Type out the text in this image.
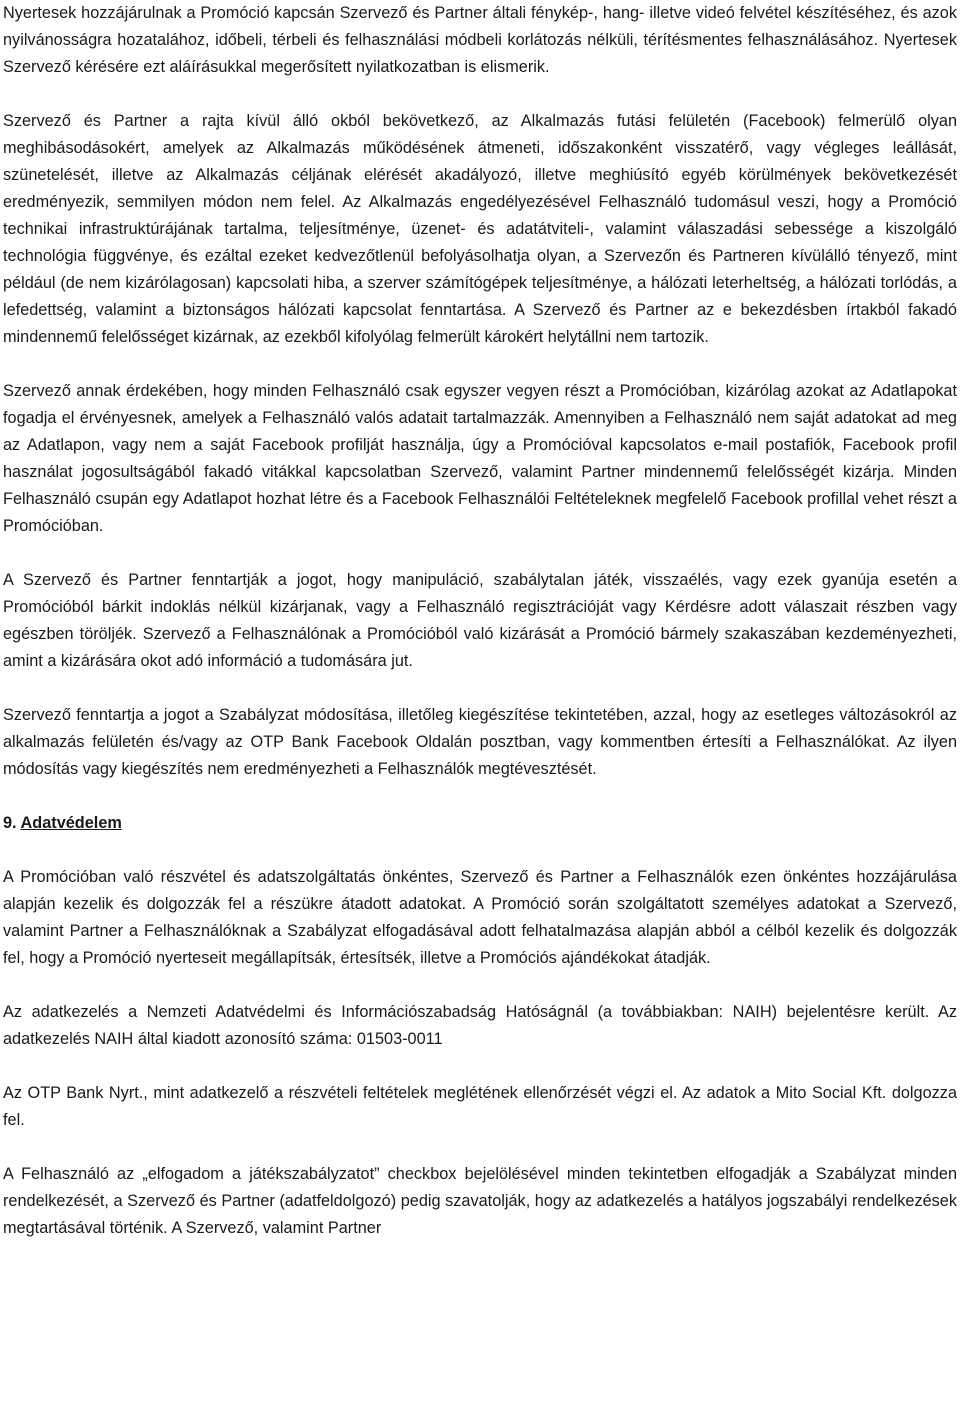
Nyertesek hozzájárulnak a Promóció kapcsán Szervező és Partner általi fénykép-, hang- illetve videó felvétel készítéséhez, és azok nyilvánosságra hozatalához, időbeli, térbeli és felhasználási módbeli korlátozás nélküli, térítésmentes felhasználásához. Nyertesek Szervező kérésére ezt aláírásukkal megerősített nyilatkozatban is elismerik.

Szervező és Partner a rajta kívül álló okból bekövetkező, az Alkalmazás futási felületén (Facebook) felmerülő olyan meghibásodásokért, amelyek az Alkalmazás működésének átmeneti, időszakonként visszatérő, vagy végleges leállását, szünetelését, illetve az Alkalmazás céljának elérését akadályozó, illetve meghiúsító egyéb körülmények bekövetkezését eredményezik, semmilyen módon nem felel. Az Alkalmazás engedélyezésével Felhasználó tudomásul veszi, hogy a Promóció technikai infrastruktúrájának tartalma, teljesítménye, üzenet- és adatátviteli-, valamint válaszadási sebessége a kiszolgáló technológia függvénye, és ezáltal ezeket kedvezőtlenül befolyásolhatja olyan, a Szervezőn és Partneren kívülálló tényező, mint például (de nem kizárólagosan) kapcsolati hiba, a szerver számítógépek teljesítménye, a hálózati leterheltség, a hálózati torlódás, a lefedettség, valamint a biztonságos hálózati kapcsolat fenntartása. A Szervező és Partner az e bekezdésben írtakból fakadó mindennemű felelősséget kizárnak, az ezekből kifolyólag felmerült károkért helytállni nem tartozik.

Szervező annak érdekében, hogy minden Felhasználó csak egyszer vegyen részt a Promócióban, kizárólag azokat az Adatlapokat fogadja el érvényesnek, amelyek a Felhasználó valós adatait tartalmazzák. Amennyiben a Felhasználó nem saját adatokat ad meg az Adatlapon, vagy nem a saját Facebook profilját használja, úgy a Promócióval kapcsolatos e-mail postafiók, Facebook profil használat jogosultságából fakadó vitákkal kapcsolatban Szervező, valamint Partner mindennemű felelősségét kizárja. Minden Felhasználó csupán egy Adatlapot hozhat létre és a Facebook Felhasználói Feltételeknek megfelelő Facebook profillal vehet részt a Promócióban.

A Szervező és Partner fenntartják a jogot, hogy manipuláció, szabálytalan játék, visszaélés, vagy ezek gyanúja esetén a Promócióból bárkit indoklás nélkül kizárjanak, vagy a Felhasználó regisztrációját vagy Kérdésre adott válaszait részben vagy egészben töröljék. Szervező a Felhasználónak a Promócióból való kizárását a Promóció bármely szakaszában kezdeményezheti, amint a kizárására okot adó információ a tudomására jut.

Szervező fenntartja a jogot a Szabályzat módosítása, illetőleg kiegészítése tekintetében, azzal, hogy az esetleges változásokról az alkalmazás felületén és/vagy az OTP Bank Facebook Oldalán posztban, vagy kommentben értesíti a Felhasználókat. Az ilyen módosítás vagy kiegészítés nem eredményezheti a Felhasználók megtévesztését.

9. Adatvédelem

A Promócióban való részvétel és adatszolgáltatás önkéntes, Szervező és Partner a Felhasználók ezen önkéntes hozzájárulása alapján kezelik és dolgozzák fel a részükre átadott adatokat. A Promóció során szolgáltatott személyes adatokat a Szervező, valamint Partner a Felhasználóknak a Szabályzat elfogadásával adott felhatalmazása alapján abból a célból kezelik és dolgozzák fel, hogy a Promóció nyerteseit megállapítsák, értesítsék, illetve a Promóciós ajándékokat átadják.

Az adatkezelés a Nemzeti Adatvédelmi és Információszabadság Hatóságnál (a továbbiakban: NAIH) bejelentésre került. Az adatkezelés NAIH által kiadott azonosító száma: 01503-0011

Az OTP Bank Nyrt., mint adatkezelő a részvételi feltételek meglétének ellenőrzését végzi el. Az adatok a Mito Social Kft. dolgozza fel.

A Felhasználó az „elfogadom a játékszabályzatot” checkbox bejelölésével minden tekintetben elfogadják a Szabályzat minden rendelkezését, a Szervező és Partner (adatfeldolgozó) pedig szavatolják, hogy az adatkezelés a hatályos jogszabályi rendelkezések megtartásával történik. A Szervező, valamint Partner
